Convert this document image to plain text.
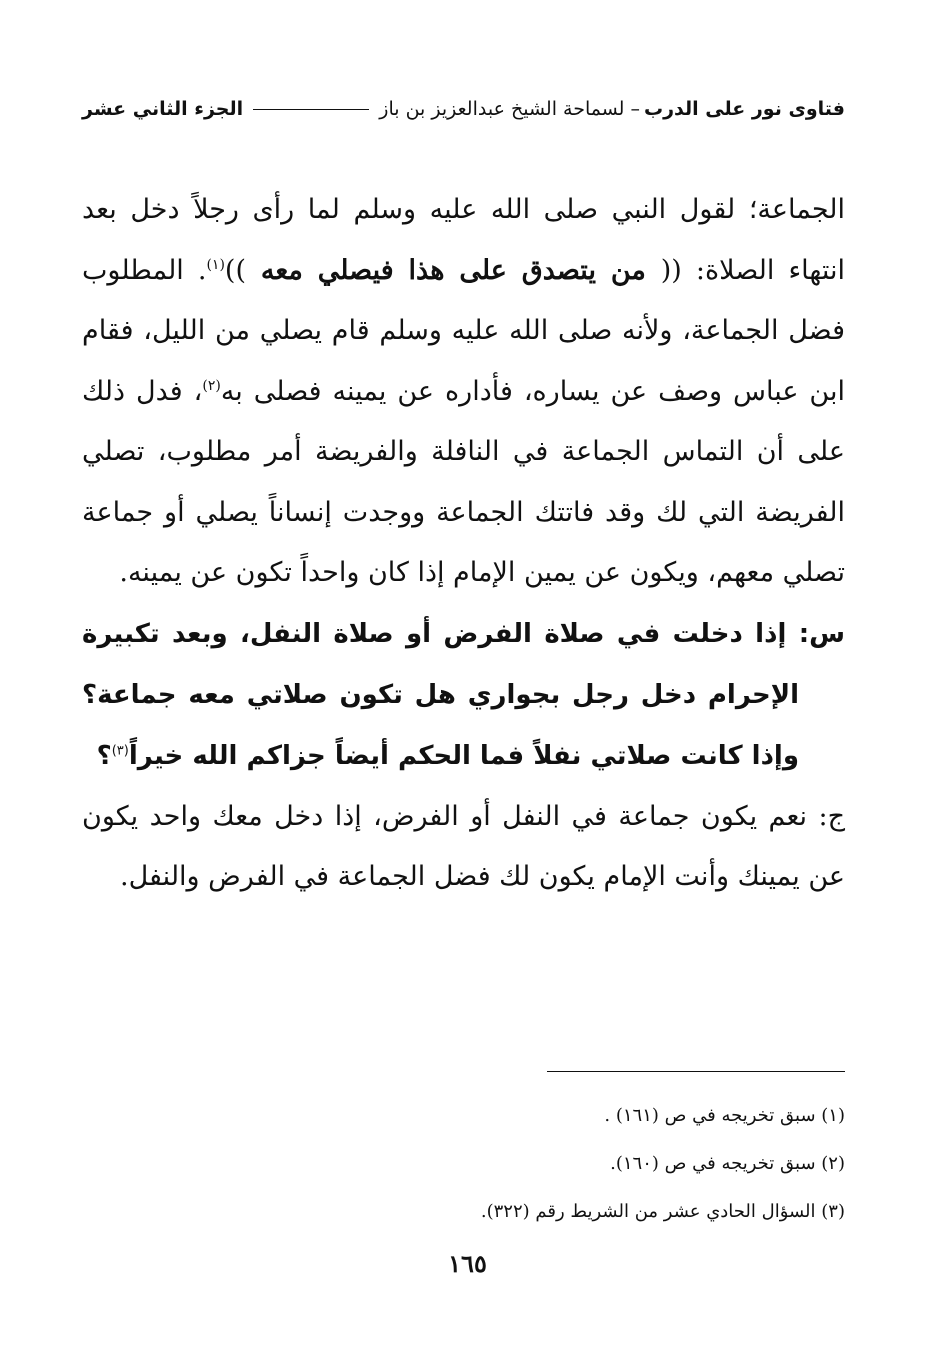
فتاوى نور على الدرب
– لسماحة الشيخ عبدالعزيز بن باز
الجزء الثاني عشر

الجماعة؛ لقول النبي صلى الله عليه وسلم لما رأى رجلاً دخل بعد انتهاء الصلاة: (( من يتصدق على هذا فيصلي معه ))$^{(١)}$. المطلوب فضل الجماعة، ولأنه صلى الله عليه وسلم قام يصلي من الليل، فقام ابن عباس وصف عن يساره، فأداره عن يمينه فصلى به$^{(٢)}$، فدل ذلك على أن التماس الجماعة في النافلة والفريضة أمر مطلوب، تصلي الفريضة التي لك وقد فاتتك الجماعة ووجدت إنساناً يصلي أو جماعة تصلي معهم، ويكون عن يمين الإمام إذا كان واحداً تكون عن يمينه.

س: إذا دخلت في صلاة الفرض أو صلاة النفل، وبعد تكبيرة الإحرام دخل رجل بجواري هل تكون صلاتي معه جماعة؟ وإذا كانت صلاتي نفلاً فما الحكم أيضاً جزاكم الله خيراً$^{(٣)}$؟

ج: نعم يكون جماعة في النفل أو الفرض، إذا دخل معك واحد يكون عن يمينك وأنت الإمام يكون لك فضل الجماعة في الفرض والنفل.

(١) سبق تخريجه في ص (١٦١) .
(٢) سبق تخريجه في ص (١٦٠).
(٣) السؤال الحادي عشر من الشريط رقم (٣٢٢).
١٦٥
